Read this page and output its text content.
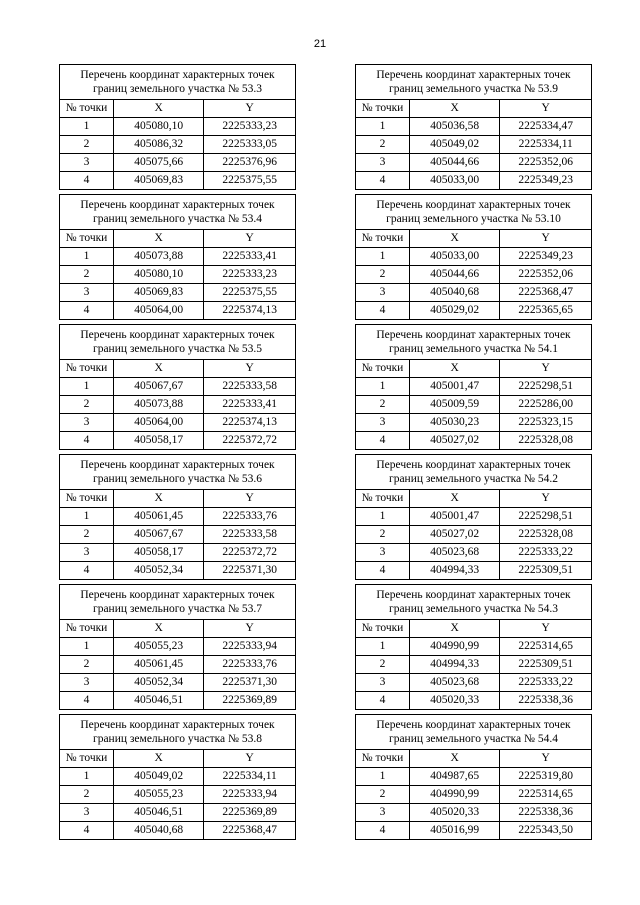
21
Перечень координат характерных точек границ земельного участка № 53.3		
№ точки	X	Y
1	405080,10	2225333,23
2	405086,32	2225333,05
3	405075,66	2225376,96
4	405069,83	2225375,55
Перечень координат характерных точек границ земельного участка № 53.9		
№ точки	X	Y
1	405036,58	2225334,47
2	405049,02	2225334,11
3	405044,66	2225352,06
4	405033,00	2225349,23
Перечень координат характерных точек границ земельного участка № 53.4		
№ точки	X	Y
1	405073,88	2225333,41
2	405080,10	2225333,23
3	405069,83	2225375,55
4	405064,00	2225374,13
Перечень координат характерных точек границ земельного участка № 53.10		
№ точки	X	Y
1	405033,00	2225349,23
2	405044,66	2225352,06
3	405040,68	2225368,47
4	405029,02	2225365,65
Перечень координат характерных точек границ земельного участка № 53.5		
№ точки	X	Y
1	405067,67	2225333,58
2	405073,88	2225333,41
3	405064,00	2225374,13
4	405058,17	2225372,72
Перечень координат характерных точек границ земельного участка № 54.1		
№ точки	X	Y
1	405001,47	2225298,51
2	405009,59	2225286,00
3	405030,23	2225323,15
4	405027,02	2225328,08
Перечень координат характерных точек границ земельного участка № 53.6		
№ точки	X	Y
1	405061,45	2225333,76
2	405067,67	2225333,58
3	405058,17	2225372,72
4	405052,34	2225371,30
Перечень координат характерных точек границ земельного участка № 54.2		
№ точки	X	Y
1	405001,47	2225298,51
2	405027,02	2225328,08
3	405023,68	2225333,22
4	404994,33	2225309,51
Перечень координат характерных точек границ земельного участка № 53.7		
№ точки	X	Y
1	405055,23	2225333,94
2	405061,45	2225333,76
3	405052,34	2225371,30
4	405046,51	2225369,89
Перечень координат характерных точек границ земельного участка № 54.3		
№ точки	X	Y
1	404990,99	2225314,65
2	404994,33	2225309,51
3	405023,68	2225333,22
4	405020,33	2225338,36
Перечень координат характерных точек границ земельного участка № 53.8		
№ точки	X	Y
1	405049,02	2225334,11
2	405055,23	2225333,94
3	405046,51	2225369,89
4	405040,68	2225368,47
Перечень координат характерных точек границ земельного участка № 54.4		
№ точки	X	Y
1	404987,65	2225319,80
2	404990,99	2225314,65
3	405020,33	2225338,36
4	405016,99	2225343,50
